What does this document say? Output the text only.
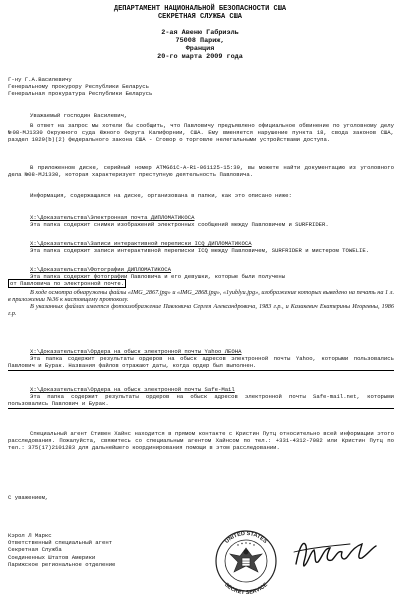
ДЕПАРТАМЕНТ НАЦИОНАЛЬНОЙ БЕЗОПАСНОСТИ США
СЕКРЕТНАЯ СЛУЖБА США
2-ая Авеню Габриэль
75008 Париж,
Франция
20-го марта 2009 года
Г-ну Г.А.Василевичу
Генеральному прокурору Республики Беларусь
Генеральная прокуратура Республики Беларусь
Уважаемый господин Василевич,
В ответ на запрос мы хотели бы сообщить, что Павловичу предъявлено официальное обвинение по уголовному делу №08-MJ1330 Окружного суда Южного Округа Калифорнии, США. Ему вменяется нарушение пункта 18, свода законов США, раздел 1029(b)(2) федерального закона США - Сговор о торговле нелегальными устройствами доступа.
В приложенном диске, серийный номер ATMG61C-A-R1-061125-15:39, вы можете найти документацию из уголовного дела №08-MJ1330, которая характеризует преступную деятельность Павловича.
Информация, содержащаяся на диске, организована в папки, как это описано ниже:
X:\Доказательства\Электронная почта ДИПЛОМАТИКОСА
Эта папка содержит снимки изображений электронных сообщений между Павловичем и SURFRIDER.
X:\Доказательства\Записи интерактивной переписки ICQ ДИПЛОМАТИКОСА
Эта папка содержит записи интерактивной переписки ICQ между Павловичем, SURFRIDER и мистером TOWELIE.
X:\Доказательства\Фотографии ДИПЛОМАТИКОСА
Эта папка содержит фотографии Павловича и его девушки, которые были получены
от Павловича по электронной почте.
В ходе осмотра обнаружены файлы «IMG_2867.jpg» и «IMG_2868.jpg», «1yublyu.jpg», изображение которых выведено на печать на 1 л. в приложении №36 к настоящему протоколу.
В указанных файлах имеется фотоизображение Павловича Сергея Александровича, 1983 г.р., и Казакевич Екатерины Игоревны, 1986 г.р.
X:\Доказательства\Ордера на обыск электронной почты Yahoo ЛЕОНА
Эта папка содержит результаты ордеров на обыск адресов электронной почты Yahoo, которыми пользовались Павлович и Бурак. Названия файлов отражают даты, когда ордер был выполнен.
X:\Доказательства\Ордера на обыск электронной почты Safe-Mail
Эта папка содержит результаты ордеров на обыск адресов электронной почты Safe-mail.net, которыми пользовались Павлович и Бурак.
Специальный агент Стивен Хайнс находится в прямом контакте с Кристин Путц относительно всей информации этого расследования. Пожалуйста, свяжитесь со специальным агентом Хайнсом по тел.: +331-4312-7082 или Кристин Путц по тел.: 375(17)2101283 для дальнейшего координирования помощи в этом расследовании.
С уважением,
Кэрол Л Маркс
Ответственный специальный агент
Секретная Служба
Соединенных Штатов Америки
Парижское региональное отделение
UNITED STATES
SECRET SERVICE
